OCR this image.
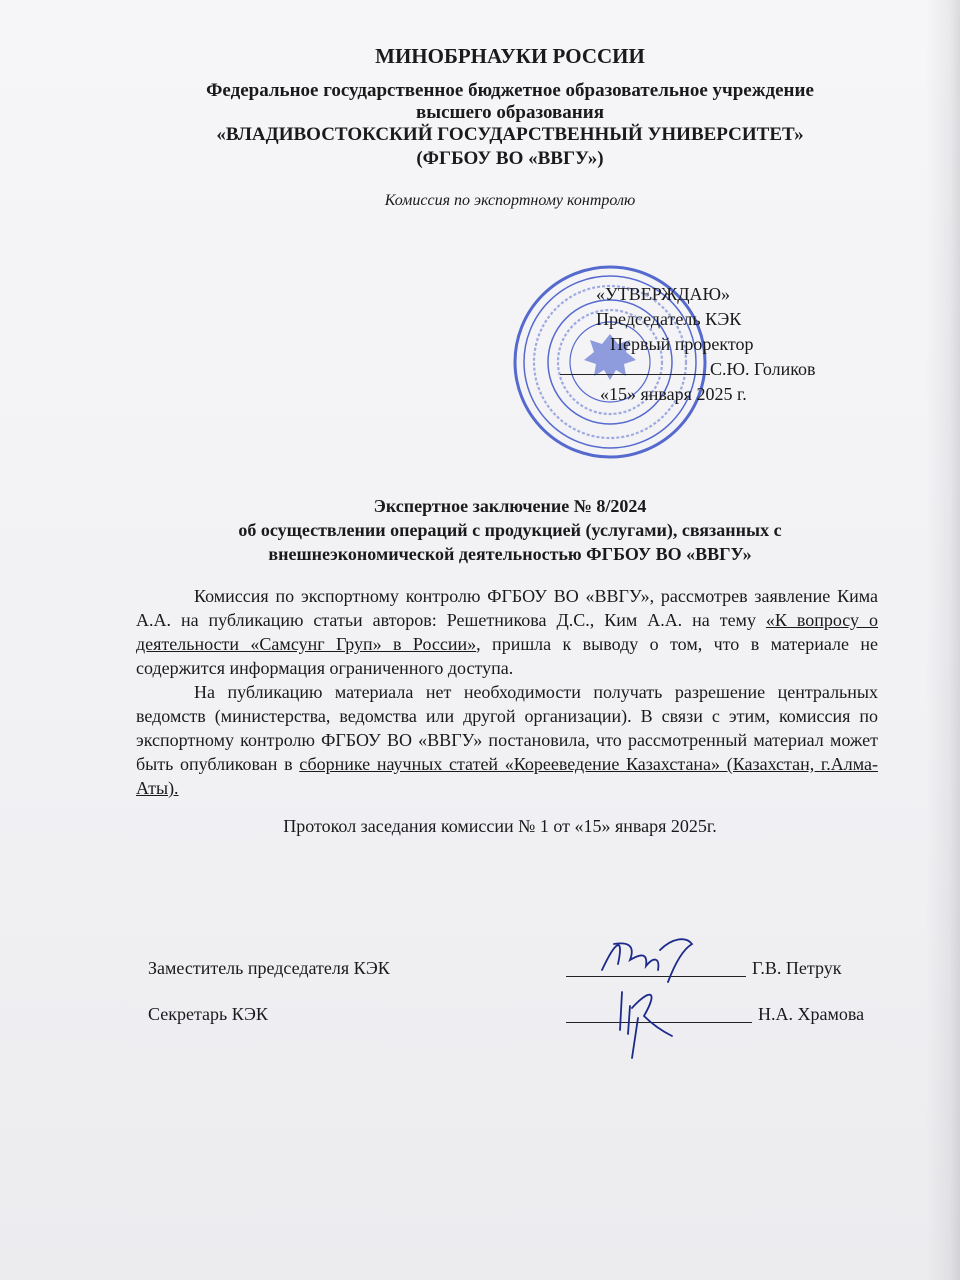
МИНОБРНАУКИ РОССИИ
Федеральное государственное бюджетное образовательное учреждение
высшего образования
«ВЛАДИВОСТОКСКИЙ ГОСУДАРСТВЕННЫЙ УНИВЕРСИТЕТ»
(ФГБОУ ВО «ВВГУ»)
Комиссия по экспортному контролю
«УТВЕРЖДАЮ»
Председатель КЭК
Первый проректор
С.Ю. Голиков
«15» января 2025 г.
Экспертное заключение № 8/2024
об осуществлении операций с продукцией (услугами), связанных с
внешнеэкономической деятельностью ФГБОУ ВО «ВВГУ»

Комиссия по экспортному контролю ФГБОУ ВО «ВВГУ», рассмотрев заявление Кима А.А. на публикацию статьи авторов: Решетникова Д.С., Ким А.А. на тему «К вопросу о деятельности «Самсунг Груп» в России», пришла к выводу о том, что в материале не содержится информация ограниченного доступа.

На публикацию материала нет необходимости получать разрешение центральных ведомств (министерства, ведомства или другой организации). В связи с этим, комиссия по экспортному контролю ФГБОУ ВО «ВВГУ» постановила, что рассмотренный материал может быть опубликован в сборнике научных статей «Корееведение Казахстана» (Казахстан, г.Алма-Аты).

Протокол заседания комиссии № 1 от «15» января 2025г.
Заместитель председателя КЭК	Г.В. Петрук
Секретарь КЭК	Н.А. Храмова
